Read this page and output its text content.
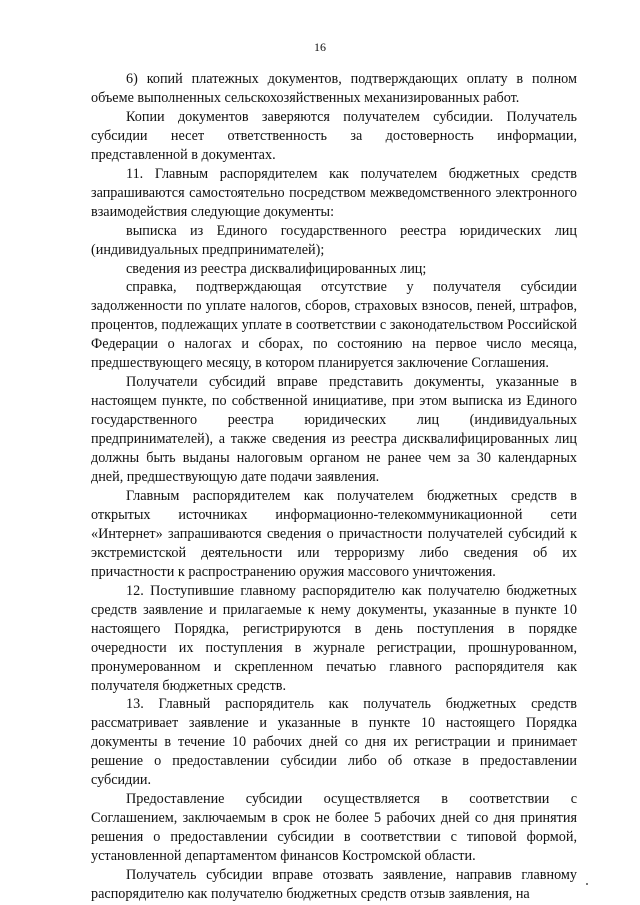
16

6) копий платежных документов, подтверждающих оплату в полном объеме выполненных сельскохозяйственных механизированных работ.

Копии документов заверяются получателем субсидии. Получатель субсидии несет ответственность за достоверность информации, представленной в документах.

11. Главным распорядителем как получателем бюджетных средств запрашиваются самостоятельно посредством межведомственного электронного взаимодействия следующие документы:

выписка из Единого государственного реестра юридических лиц (индивидуальных предпринимателей);

сведения из реестра дисквалифицированных лиц;

справка, подтверждающая отсутствие у получателя субсидии задолженности по уплате налогов, сборов, страховых взносов, пеней, штрафов, процентов, подлежащих уплате в соответствии с законодательством Российской Федерации о налогах и сборах, по состоянию на первое число месяца, предшествующего месяцу, в котором планируется заключение Соглашения.

Получатели субсидий вправе представить документы, указанные в настоящем пункте, по собственной инициативе, при этом выписка из Единого государственного реестра юридических лиц (индивидуальных предпринимателей), а также сведения из реестра дисквалифицированных лиц должны быть выданы налоговым органом не ранее чем за 30 календарных дней, предшествующую дате подачи заявления.

Главным распорядителем как получателем бюджетных средств в открытых источниках информационно-телекоммуникационной сети «Интернет» запрашиваются сведения о причастности получателей субсидий к экстремистской деятельности или терроризму либо сведения об их причастности к распространению оружия массового уничтожения.

12. Поступившие главному распорядителю как получателю бюджетных средств заявление и прилагаемые к нему документы, указанные в пункте 10 настоящего Порядка, регистрируются в день поступления в порядке очередности их поступления в журнале регистрации, прошнурованном, пронумерованном и скрепленном печатью главного распорядителя как получателя бюджетных средств.

13. Главный распорядитель как получатель бюджетных средств рассматривает заявление и указанные в пункте 10 настоящего Порядка документы в течение 10 рабочих дней со дня их регистрации и принимает решение о предоставлении субсидии либо об отказе в предоставлении субсидии.

Предоставление субсидии осуществляется в соответствии с Соглашением, заключаемым в срок не более 5 рабочих дней со дня принятия решения о предоставлении субсидии в соответствии с типовой формой, установленной департаментом финансов Костромской области.

Получатель субсидии вправе отозвать заявление, направив главному распорядителю как получателю бюджетных средств отзыв заявления, на
